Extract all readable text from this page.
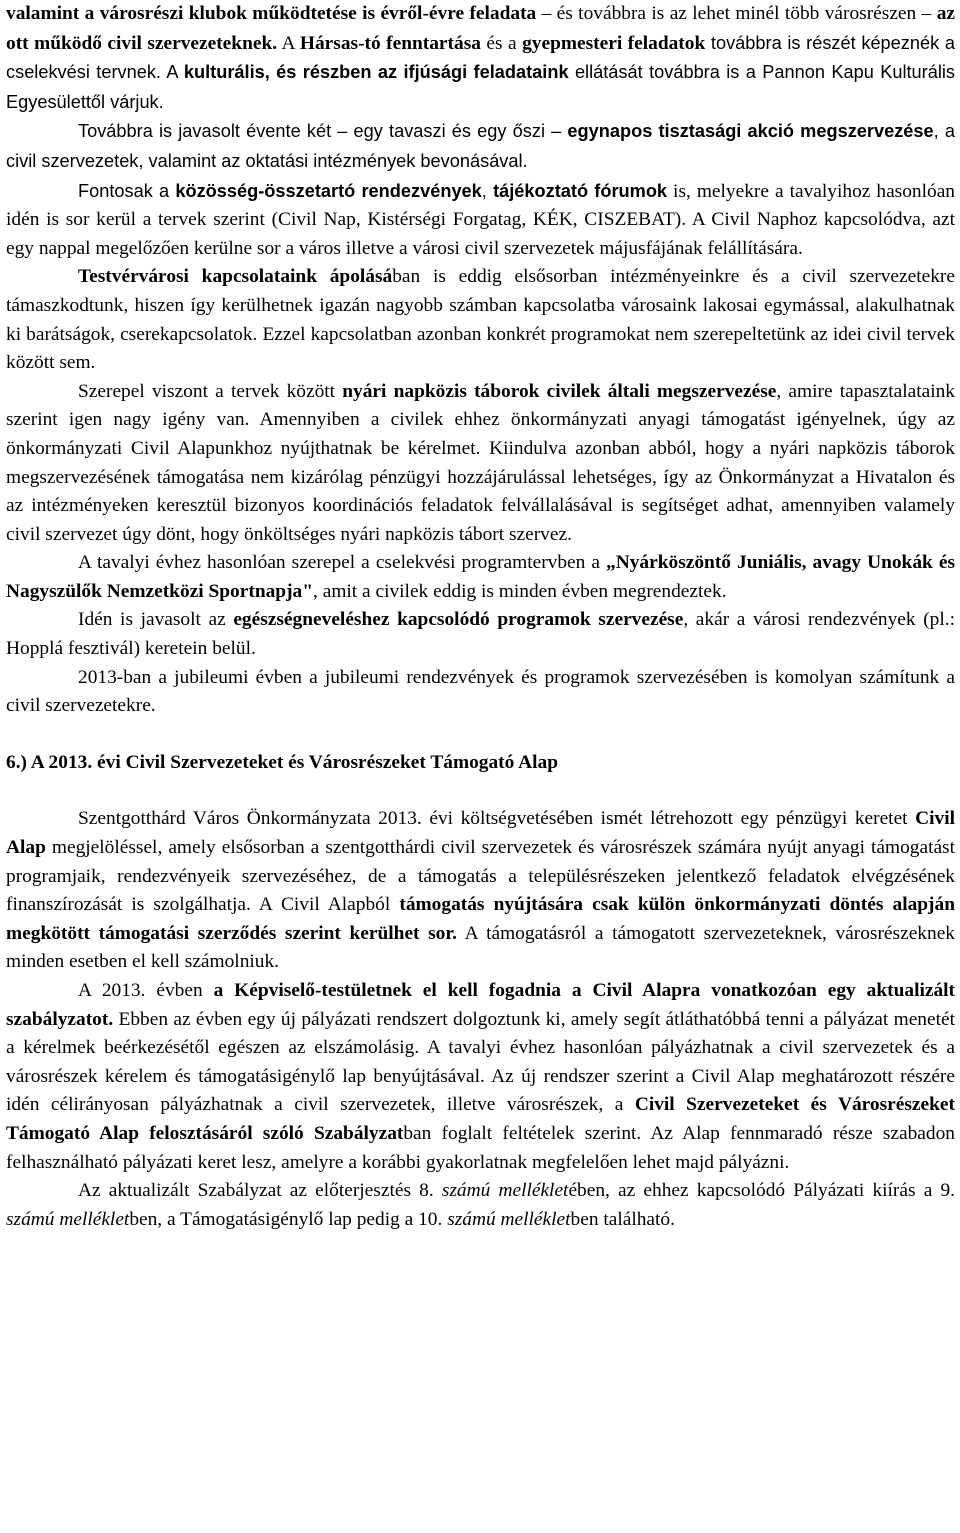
valamint a városrészi klubok működtetése is évről-évre feladata – és továbbra is az lehet minél több városrészen – az ott működő civil szervezeteknek. A Hársas-tó fenntartása és a gyepmesteri feladatok továbbra is részét képeznék a cselekvési tervnek. A kulturális, és részben az ifjúsági feladataink ellátását továbbra is a Pannon Kapu Kulturális Egyesülettől várjuk.

Továbbra is javasolt évente két – egy tavaszi és egy őszi – egynapos tisztasági akció megszervezése, a civil szervezetek, valamint az oktatási intézmények bevonásával.

Fontosak a közösség-összetartó rendezvények, tájékoztató fórumok is, melyekre a tavalyihoz hasonlóan idén is sor kerül a tervek szerint (Civil Nap, Kistérségi Forgatag, KÉK, CISZEBAT). A Civil Naphoz kapcsolódva, azt egy nappal megelőzően kerülne sor a város illetve a városi civil szervezetek májusfájának felállítására.

Testvérvárosi kapcsolataink ápolásában is eddig elsősorban intézményeinkre és a civil szervezetekre támaszkodtunk, hiszen így kerülhetnek igazán nagyobb számban kapcsolatba városaink lakosai egymással, alakulhatnak ki barátságok, cserekapcsolatok. Ezzel kapcsolatban azonban konkrét programokat nem szerepeltetünk az idei civil tervek között sem.

Szerepel viszont a tervek között nyári napközis táborok civilek általi megszervezése, amire tapasztalataink szerint igen nagy igény van. Amennyiben a civilek ehhez önkormányzati anyagi támogatást igényelnek, úgy az önkormányzati Civil Alapunkhoz nyújthatnak be kérelmet. Kiindulva azonban abból, hogy a nyári napközis táborok megszervezésének támogatása nem kizárólag pénzügyi hozzájárulással lehetséges, így az Önkormányzat a Hivatalon és az intézményeken keresztül bizonyos koordinációs feladatok felvállalásával is segítséget adhat, amennyiben valamely civil szervezet úgy dönt, hogy önköltséges nyári napközis tábort szervez.

A tavalyi évhez hasonlóan szerepel a cselekvési programtervben a „Nyárköszöntő Juniális, avagy Unokák és Nagyszülők Nemzetközi Sportnapja", amit a civilek eddig is minden évben megrendeztek.

Idén is javasolt az egészségneveléshez kapcsolódó programok szervezése, akár a városi rendezvények (pl.: Hopplá fesztivál) keretein belül.

2013-ban a jubileumi évben a jubileumi rendezvények és programok szervezésében is komolyan számítunk a civil szervezetekre.

6.) A 2013. évi Civil Szervezeteket és Városrészeket Támogató Alap

Szentgotthárd Város Önkormányzata 2013. évi költségvetésében ismét létrehozott egy pénzügyi keretet Civil Alap megjelöléssel, amely elsősorban a szentgotthárdi civil szervezetek és városrészek számára nyújt anyagi támogatást programjaik, rendezvényeik szervezéséhez, de a támogatás a településrészeken jelentkező feladatok elvégzésének finanszírozását is szolgálhatja. A Civil Alapból támogatás nyújtására csak külön önkormányzati döntés alapján megkötött támogatási szerződés szerint kerülhet sor. A támogatásról a támogatott szervezeteknek, városrészeknek minden esetben el kell számolniuk.

A 2013. évben a Képviselő-testületnek el kell fogadnia a Civil Alapra vonatkozóan egy aktualizált szabályzatot. Ebben az évben egy új pályázati rendszert dolgoztunk ki, amely segít átláthatóbbá tenni a pályázat menetét a kérelmek beérkezésétől egészen az elszámolásig. A tavalyi évhez hasonlóan pályázhatnak a civil szervezetek és a városrészek kérelem és támogatásigénylő lap benyújtásával. Az új rendszer szerint a Civil Alap meghatározott részére idén célirányosan pályázhatnak a civil szervezetek, illetve városrészek, a Civil Szervezeteket és Városrészeket Támogató Alap felosztásáról szóló Szabályzatban foglalt feltételek szerint. Az Alap fennmaradó része szabadon felhasználható pályázati keret lesz, amelyre a korábbi gyakorlatnak megfelelően lehet majd pályázni.

Az aktualizált Szabályzat az előterjesztés 8. számú mellékletében, az ehhez kapcsolódó Pályázati kiírás a 9. számú mellékletben, a Támogatásigénylő lap pedig a 10. számú mellékletben található.
